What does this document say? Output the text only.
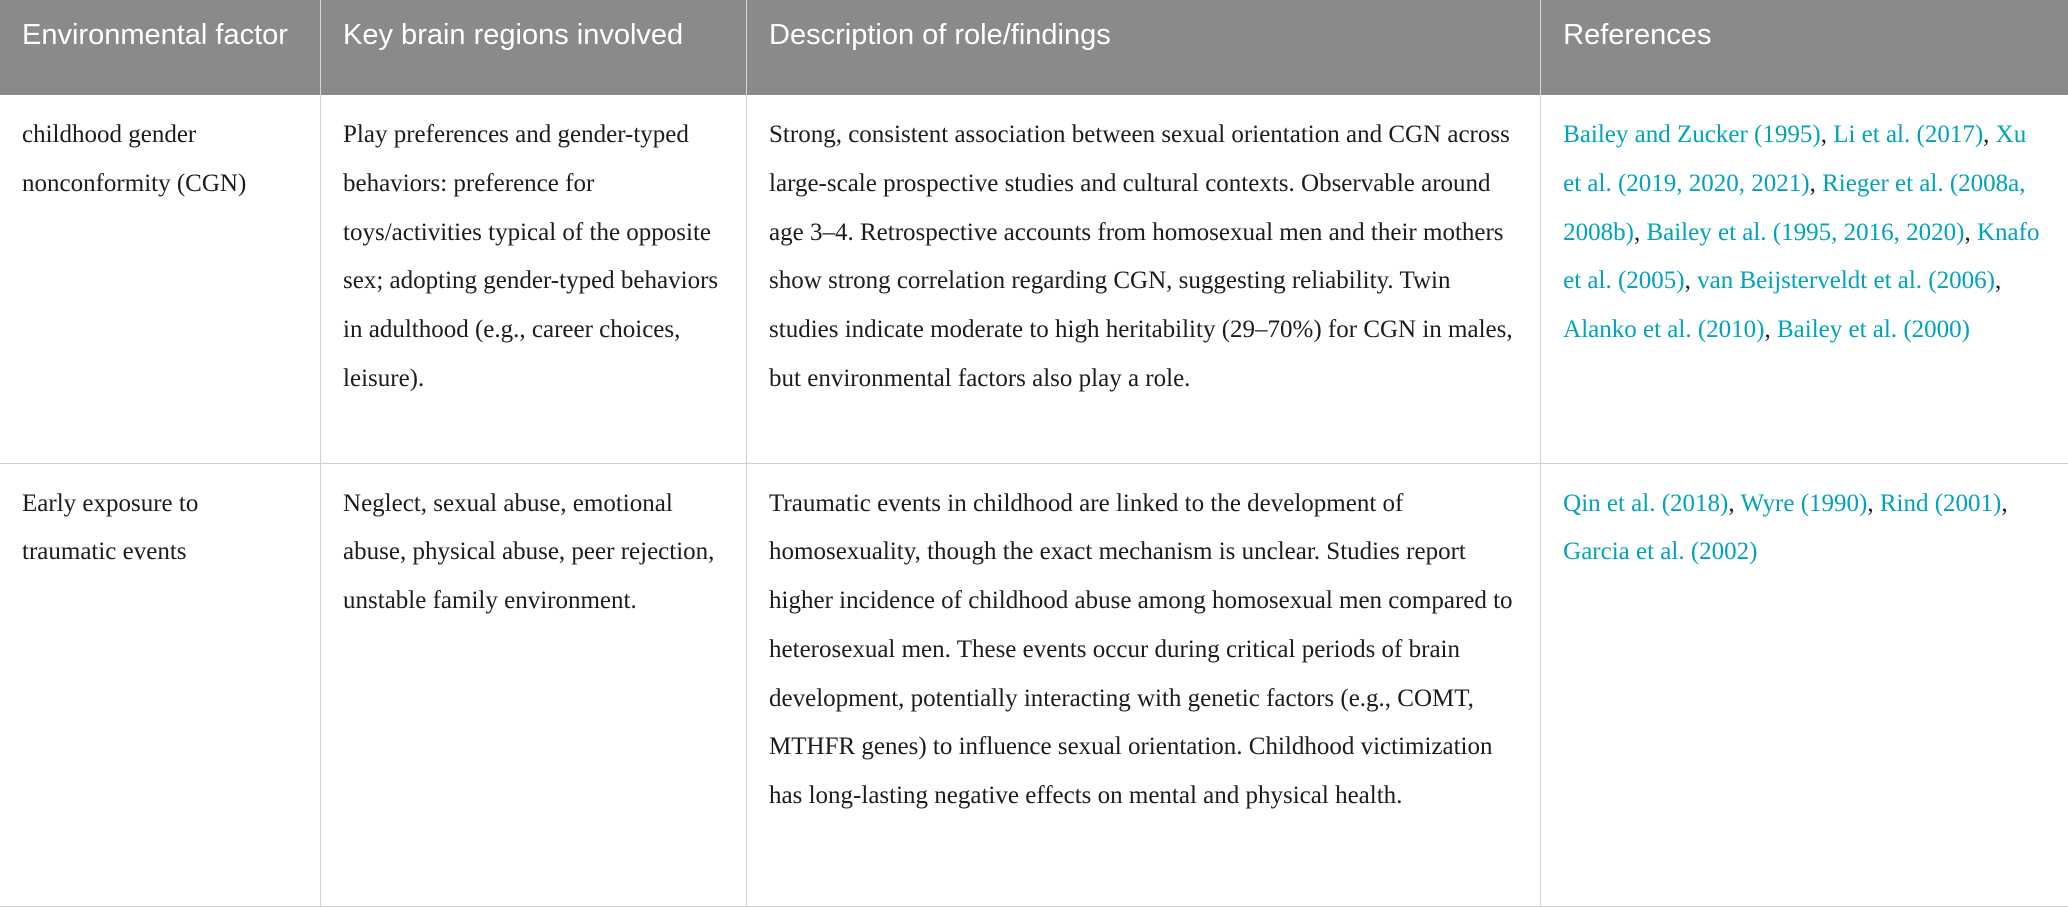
Environmental factor	Key brain regions involved	Description of role/findings	References
childhood gender nonconformity (CGN)	Play preferences and gender-typed behaviors: preference for toys/activities typical of the opposite sex; adopting gender-typed behaviors in adulthood (e.g., career choices, leisure).	Strong, consistent association between sexual orientation and CGN across large-scale prospective studies and cultural contexts. Observable around age 3–4. Retrospective accounts from homosexual men and their mothers show strong correlation regarding CGN, suggesting reliability. Twin studies indicate moderate to high heritability (29–70%) for CGN in males, but environmental factors also play a role.	Bailey and Zucker (1995), Li et al. (2017), Xu et al. (2019, 2020, 2021), Rieger et al. (2008a, 2008b), Bailey et al. (1995, 2016, 2020), Knafo et al. (2005), van Beijsterveldt et al. (2006), Alanko et al. (2010), Bailey et al. (2000)
Early exposure to traumatic events	Neglect, sexual abuse, emotional abuse, physical abuse, peer rejection, unstable family environment.	Traumatic events in childhood are linked to the development of homosexuality, though the exact mechanism is unclear. Studies report higher incidence of childhood abuse among homosexual men compared to heterosexual men. These events occur during critical periods of brain development, potentially interacting with genetic factors (e.g., COMT, MTHFR genes) to influence sexual orientation. Childhood victimization has long-lasting negative effects on mental and physical health.	Qin et al. (2018), Wyre (1990), Rind (2001), Garcia et al. (2002)
